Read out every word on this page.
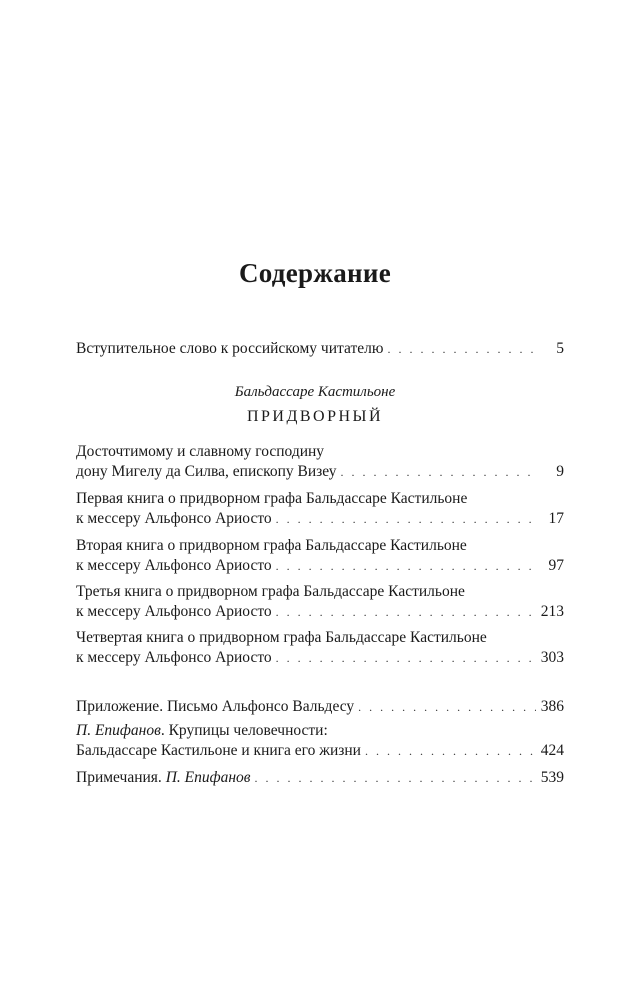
Содержание
Бальдассаре Кастильоне
ПРИДВОРНЫЙ
Вступительное слово к российскому читателю . . .	5
Досточтимому и славному господину
дону Мигелу да Силва, епископу Визеу . . .	9
Первая книга о придворном графа Бальдассаре Кастильоне
к мессеру Альфонсо Ариосто . . .	17
Вторая книга о придворном графа Бальдассаре Кастильоне
к мессеру Альфонсо Ариосто . . .	97
Третья книга о придворном графа Бальдассаре Кастильоне
к мессеру Альфонсо Ариосто . . .	213
Четвертая книга о придворном графа Бальдассаре Кастильоне
к мессеру Альфонсо Ариосто . . .	303
Приложение. Письмо Альфонсо Вальдесу . . .	386
П. Епифанов. Крупицы человечности:
Бальдассаре Кастильоне и книга его жизни . . .	424
Примечания. П. Епифанов . . .	539
